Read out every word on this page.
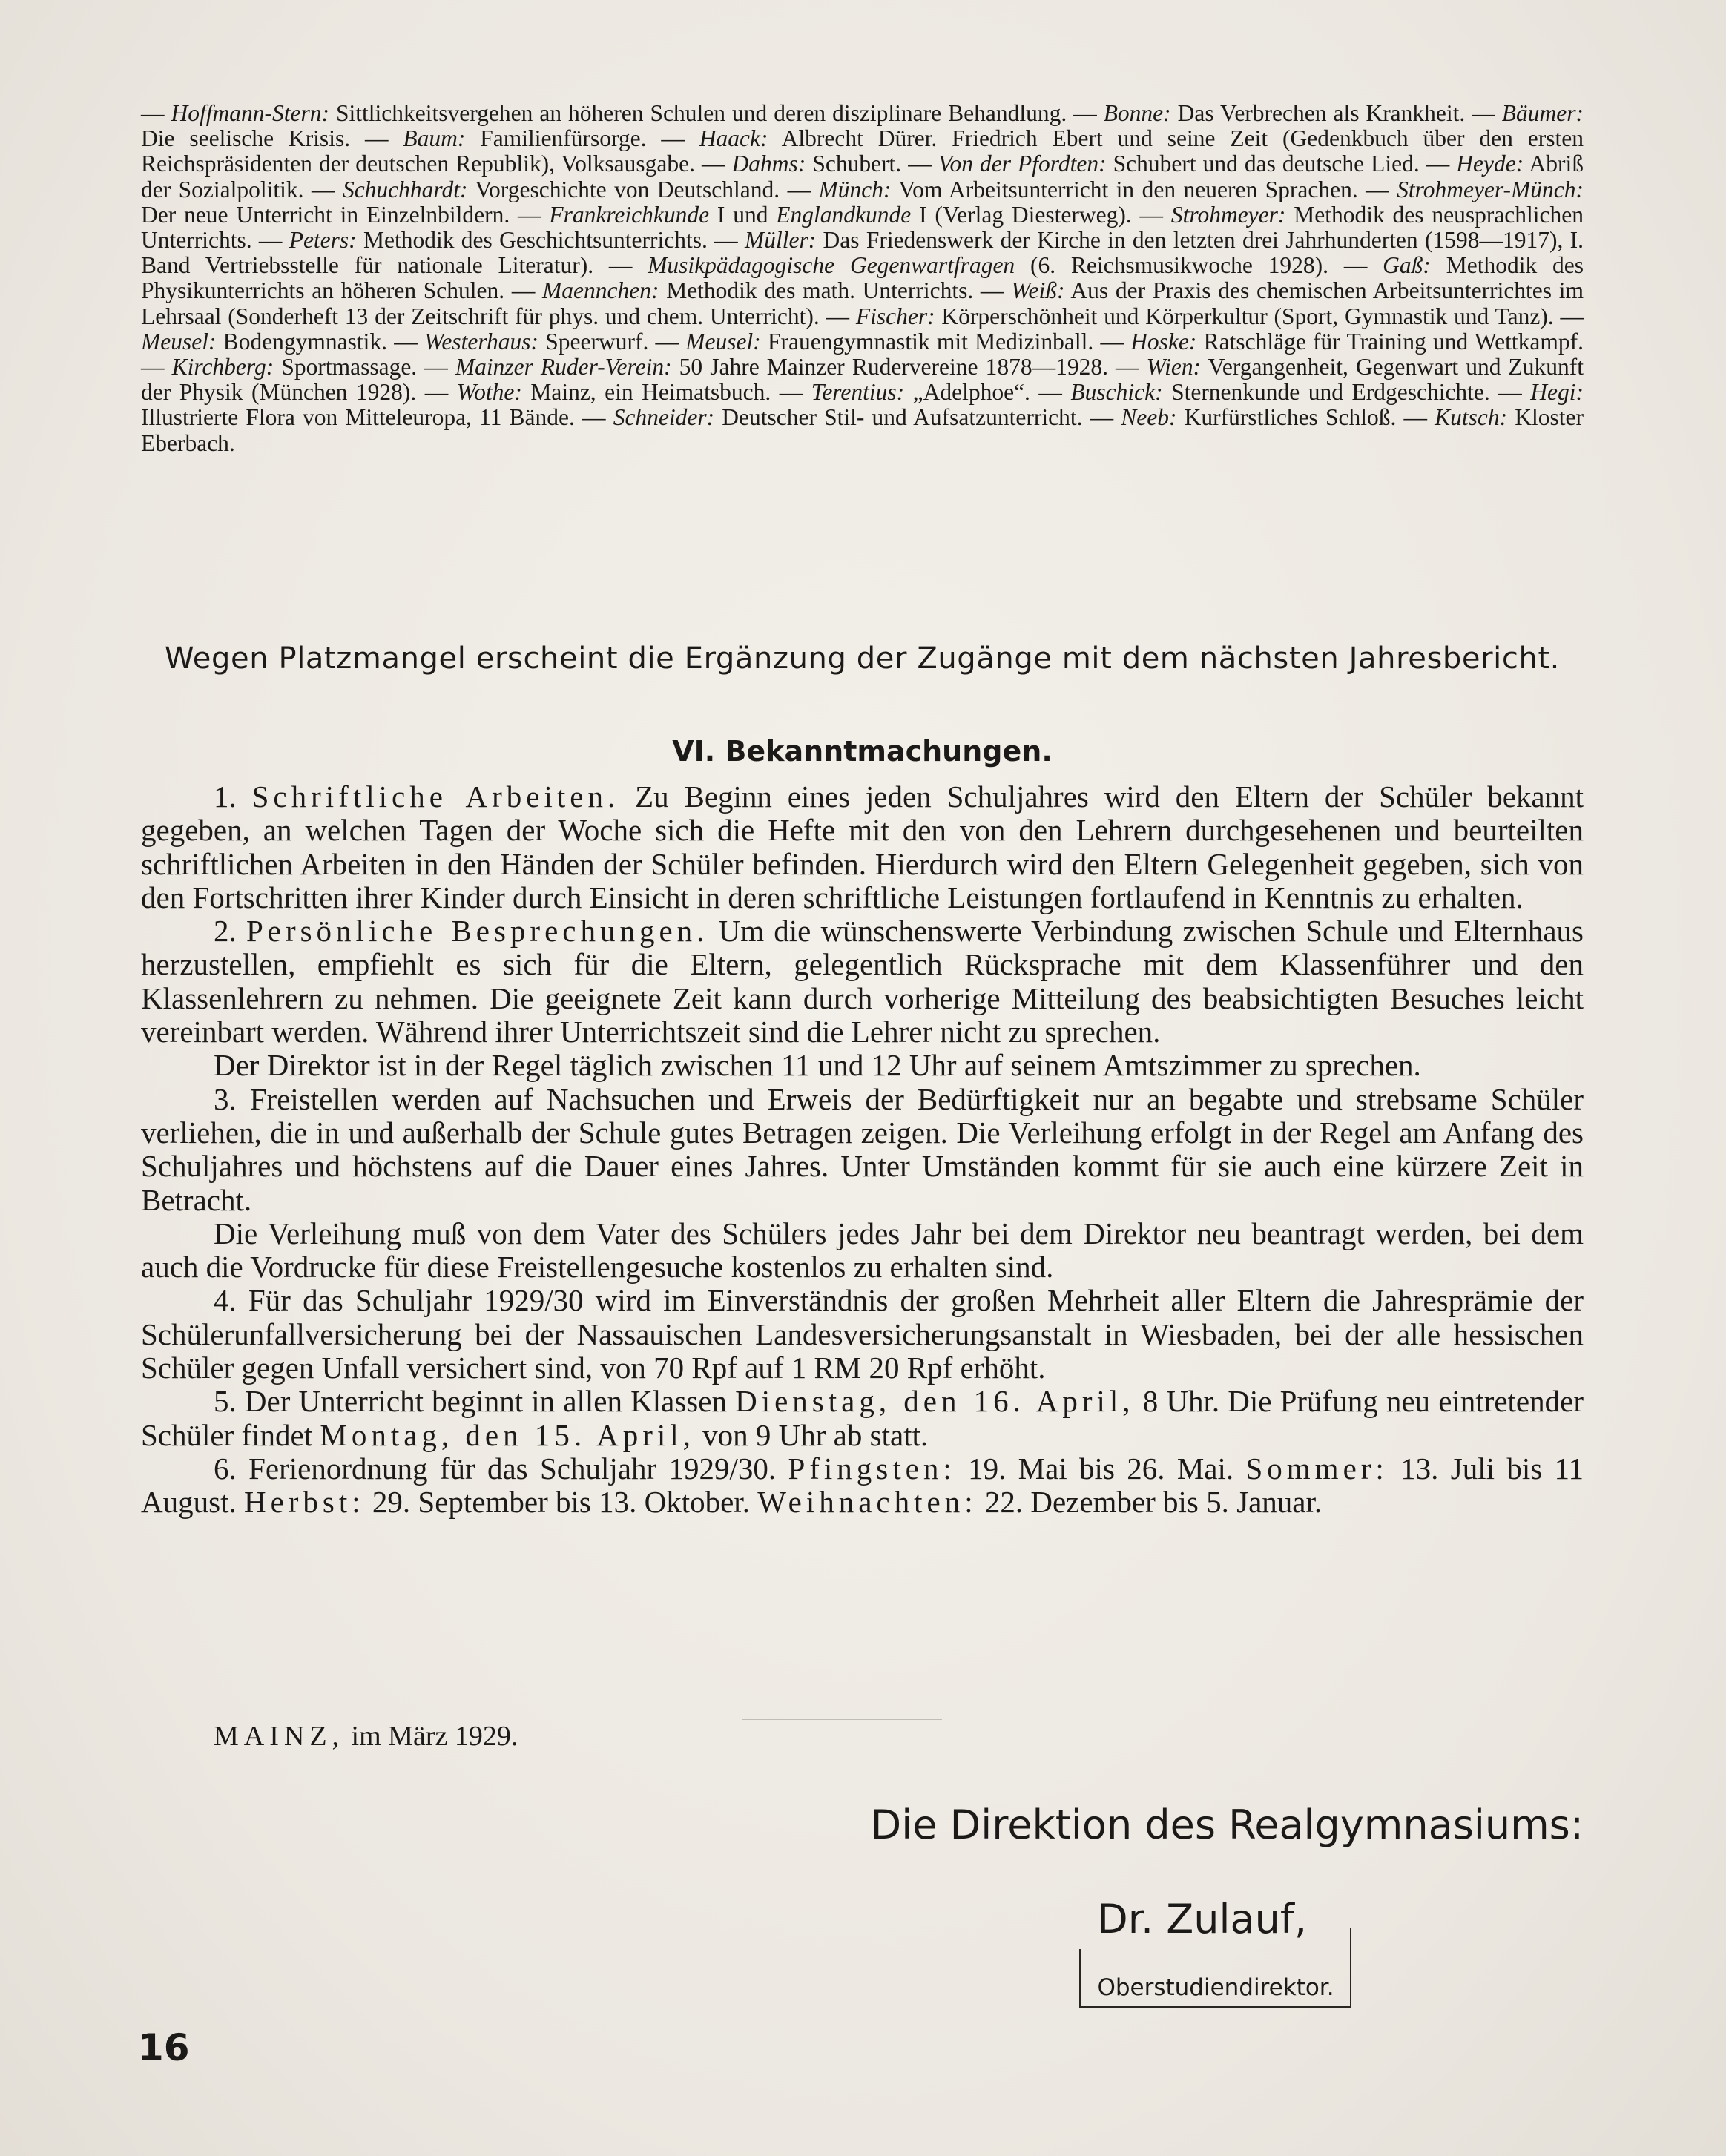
— Hoffmann-Stern: Sittlichkeitsvergehen an höheren Schulen und deren disziplinare Behandlung. — Bonne: Das Verbrechen als Krankheit. — Bäumer: Die seelische Krisis. — Baum: Familienfürsorge. — Haack: Albrecht Dürer. Friedrich Ebert und seine Zeit (Gedenkbuch über den ersten Reichspräsidenten der deutschen Republik), Volksausgabe. — Dahms: Schubert. — Von der Pfordten: Schubert und das deutsche Lied. — Heyde: Abriß der Sozialpolitik. — Schuchhardt: Vorgeschichte von Deutschland. — Münch: Vom Arbeitsunterricht in den neueren Sprachen. — Strohmeyer-Münch: Der neue Unterricht in Einzelnbildern. — Frankreichkunde I und Englandkunde I (Verlag Diesterweg). — Strohmeyer: Methodik des neusprachlichen Unterrichts. — Peters: Methodik des Geschichtsunterrichts. — Müller: Das Friedenswerk der Kirche in den letzten drei Jahrhunderten (1598—1917), I. Band Vertriebsstelle für nationale Literatur). — Musikpädagogische Gegenwartfragen (6. Reichsmusikwoche 1928). — Gaß: Methodik des Physikunterrichts an höheren Schulen. — Maennchen: Methodik des math. Unterrichts. — Weiß: Aus der Praxis des chemischen Arbeitsunterrichtes im Lehrsaal (Sonderheft 13 der Zeitschrift für phys. und chem. Unterricht). — Fischer: Körperschönheit und Körperkultur (Sport, Gymnastik und Tanz). — Meusel: Bodengymnastik. — Westerhaus: Speerwurf. — Meusel: Frauengymnastik mit Medizinball. — Hoske: Ratschläge für Training und Wettkampf. — Kirchberg: Sportmassage. — Mainzer Ruder-Verein: 50 Jahre Mainzer Rudervereine 1878—1928. — Wien: Vergangenheit, Gegenwart und Zukunft der Physik (München 1928). — Wothe: Mainz, ein Heimatsbuch. — Terentius: „Adelphoe“. — Buschick: Sternenkunde und Erdgeschichte. — Hegi: Illustrierte Flora von Mitteleuropa, 11 Bände. — Schneider: Deutscher Stil- und Aufsatzunterricht. — Neeb: Kurfürstliches Schloß. — Kutsch: Kloster Eberbach.
Wegen Platzmangel erscheint die Ergänzung der Zugänge mit dem nächsten Jahresbericht.
VI. Bekanntmachungen.

1. Schriftliche Arbeiten. Zu Beginn eines jeden Schuljahres wird den Eltern der Schüler bekannt gegeben, an welchen Tagen der Woche sich die Hefte mit den von den Lehrern durchgesehenen und beurteilten schriftlichen Arbeiten in den Händen der Schüler befinden. Hierdurch wird den Eltern Gelegenheit gegeben, sich von den Fortschritten ihrer Kinder durch Einsicht in deren schriftliche Leistungen fortlaufend in Kenntnis zu erhalten.

2. Persönliche Besprechungen. Um die wünschenswerte Verbindung zwischen Schule und Elternhaus herzustellen, empfiehlt es sich für die Eltern, gelegentlich Rücksprache mit dem Klassenführer und den Klassenlehrern zu nehmen. Die geeignete Zeit kann durch vorherige Mitteilung des beabsichtigten Besuches leicht vereinbart werden. Während ihrer Unterrichtszeit sind die Lehrer nicht zu sprechen.

Der Direktor ist in der Regel täglich zwischen 11 und 12 Uhr auf seinem Amtszimmer zu sprechen.

3. Freistellen werden auf Nachsuchen und Erweis der Bedürftigkeit nur an begabte und strebsame Schüler verliehen, die in und außerhalb der Schule gutes Betragen zeigen. Die Verleihung erfolgt in der Regel am Anfang des Schuljahres und höchstens auf die Dauer eines Jahres. Unter Umständen kommt für sie auch eine kürzere Zeit in Betracht.

Die Verleihung muß von dem Vater des Schülers jedes Jahr bei dem Direktor neu beantragt werden, bei dem auch die Vordrucke für diese Freistellengesuche kostenlos zu erhalten sind.

4. Für das Schuljahr 1929/30 wird im Einverständnis der großen Mehrheit aller Eltern die Jahresprämie der Schülerunfallversicherung bei der Nassauischen Landesversicherungsanstalt in Wiesbaden, bei der alle hessischen Schüler gegen Unfall versichert sind, von 70 Rpf auf 1 RM 20 Rpf erhöht.

5. Der Unterricht beginnt in allen Klassen Dienstag, den 16. April, 8 Uhr. Die Prüfung neu eintretender Schüler findet Montag, den 15. April, von 9 Uhr ab statt.

6. Ferienordnung für das Schuljahr 1929/30. Pfingsten: 19. Mai bis 26. Mai. Sommer: 13. Juli bis 11 August. Herbst: 29. September bis 13. Oktober. Weihnachten: 22. Dezember bis 5. Januar.

MAINZ, im März 1929.
Die Direktion des Realgymnasiums:
Dr. Zulauf,
Oberstudiendirektor.
16
